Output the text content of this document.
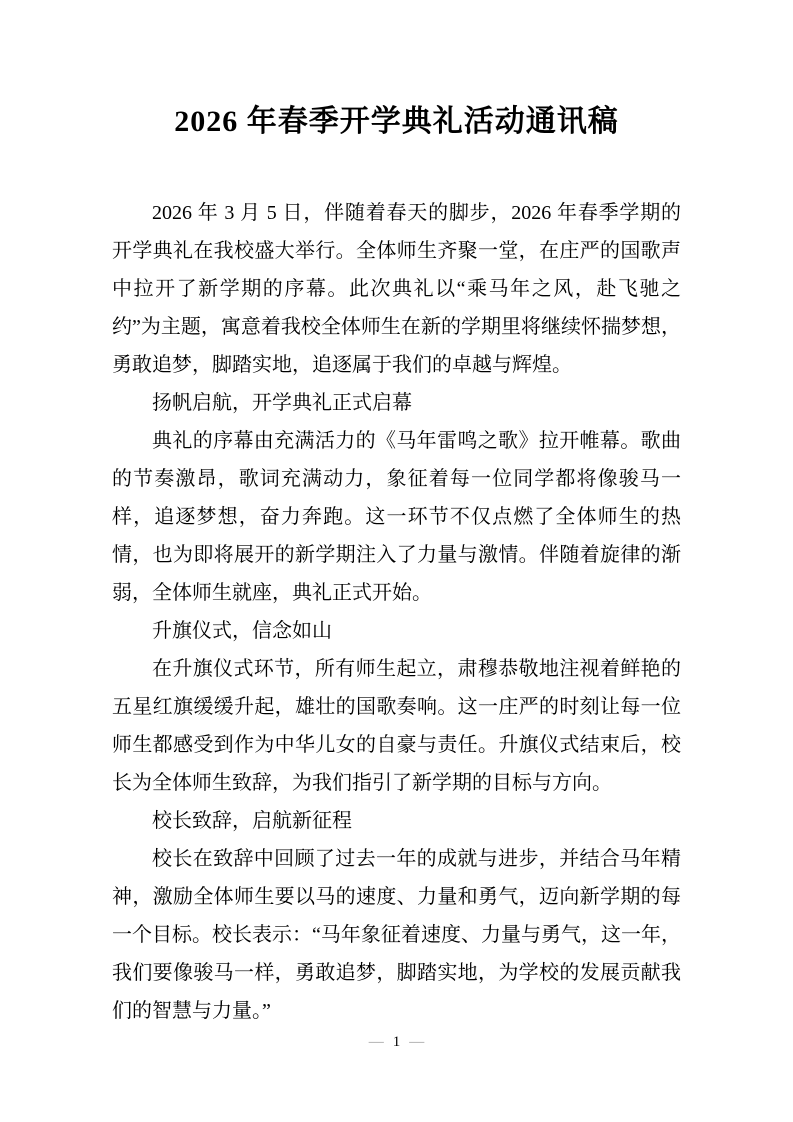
2026 年春季开学典礼活动通讯稿

2026 年 3 月 5 日，伴随着春天的脚步，2026 年春季学期的开学典礼在我校盛大举行。全体师生齐聚一堂，在庄严的国歌声中拉开了新学期的序幕。此次典礼以“乘马年之风，赴飞驰之约”为主题，寓意着我校全体师生在新的学期里将继续怀揣梦想，勇敢追梦，脚踏实地，追逐属于我们的卓越与辉煌。

扬帆启航，开学典礼正式启幕

典礼的序幕由充满活力的《马年雷鸣之歌》拉开帷幕。歌曲的节奏激昂，歌词充满动力，象征着每一位同学都将像骏马一样，追逐梦想，奋力奔跑。这一环节不仅点燃了全体师生的热情，也为即将展开的新学期注入了力量与激情。伴随着旋律的渐弱，全体师生就座，典礼正式开始。

升旗仪式，信念如山

在升旗仪式环节，所有师生起立，肃穆恭敬地注视着鲜艳的五星红旗缓缓升起，雄壮的国歌奏响。这一庄严的时刻让每一位师生都感受到作为中华儿女的自豪与责任。升旗仪式结束后，校长为全体师生致辞，为我们指引了新学期的目标与方向。

校长致辞，启航新征程

校长在致辞中回顾了过去一年的成就与进步，并结合马年精神，激励全体师生要以马的速度、力量和勇气，迈向新学期的每一个目标。校长表示：“马年象征着速度、力量与勇气，这一年，我们要像骏马一样，勇敢追梦，脚踏实地，为学校的发展贡献我们的智慧与力量。”

— 1 —
